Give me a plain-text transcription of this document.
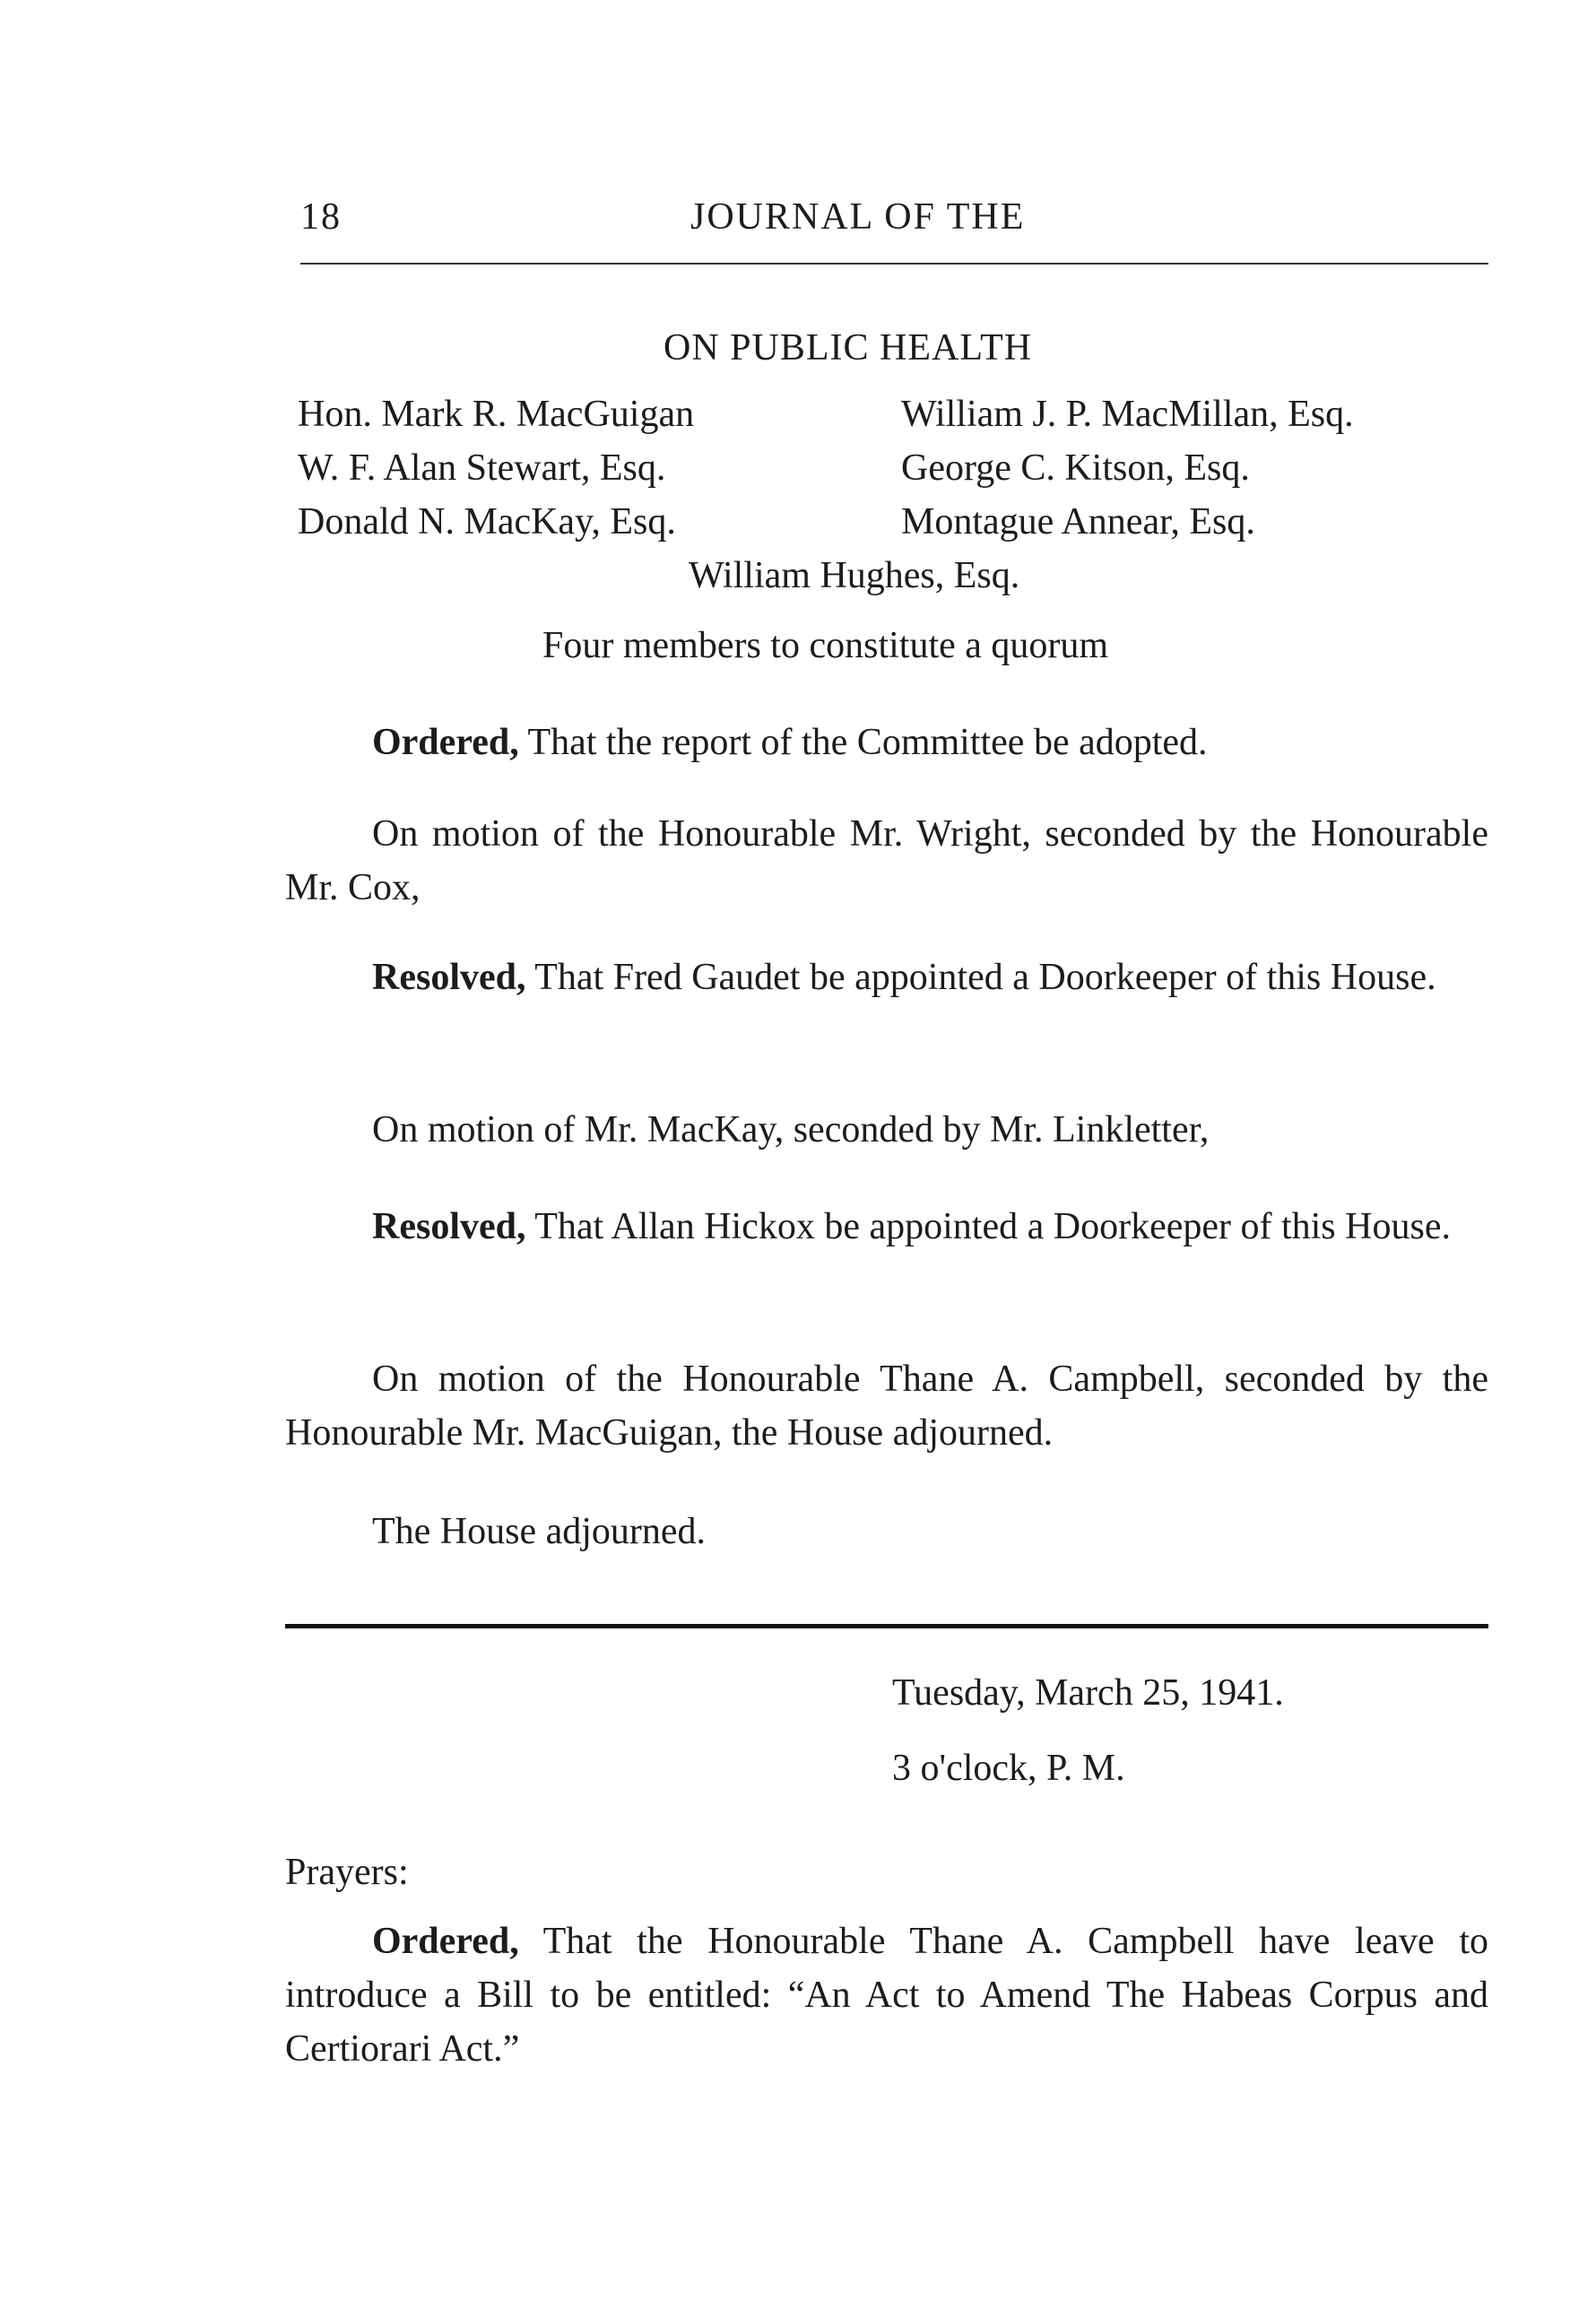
18	JOURNAL OF THE
ON PUBLIC HEALTH
Hon. Mark R. MacGuigan
W. F. Alan Stewart, Esq.
Donald N. MacKay, Esq.
William J. P. MacMillan, Esq.
George C. Kitson, Esq.
Montague Annear, Esq.
William Hughes, Esq.
Four members to constitute a quorum
Ordered, That the report of the Committee be adopted.
On motion of the Honourable Mr. Wright, seconded by the Honourable Mr. Cox,
Resolved, That Fred Gaudet be appointed a Doorkeeper of this House.
On motion of Mr. MacKay, seconded by Mr. Linkletter,
Resolved, That Allan Hickox be appointed a Doorkeeper of this House.
On motion of the Honourable Thane A. Campbell, seconded by the Honourable Mr. MacGuigan, the House adjourned.
The House adjourned.
Tuesday, March 25, 1941.
3 o'clock, P. M.
Prayers:
Ordered, That the Honourable Thane A. Campbell have leave to introduce a Bill to be entitled: “An Act to Amend The Habeas Corpus and Certiorari Act.”
